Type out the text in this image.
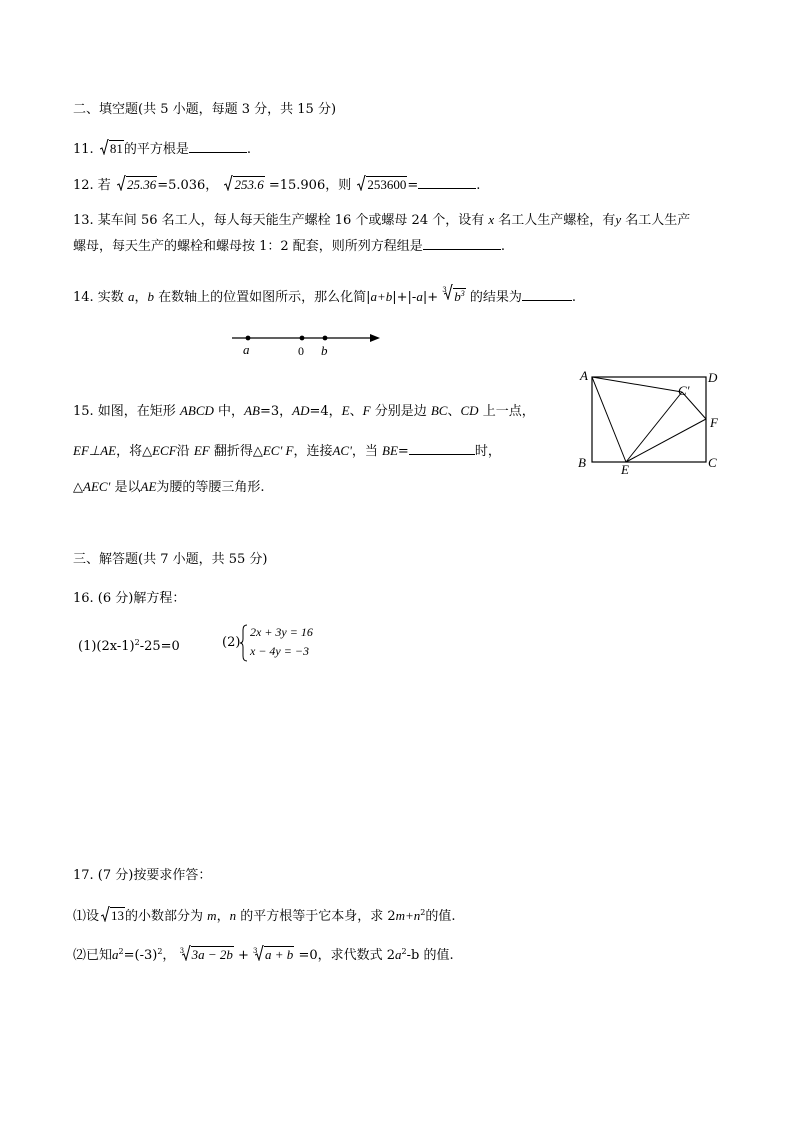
二、填空题(共 5 小题，每题 3 分，共 15 分)
11. 81的平方根是	.
12. 若 25.36=5.036， 253.6 =15.906，则 253600=	.
13. 某车间 56 名工人，每人每天能生产螺栓 16 个或螺母 24 个，设有 x 名工人生产螺栓，有y 名工人生产
螺母，每天生产的螺栓和螺母按 1：2 配套，则所列方程组是	.
14. 实数 a，b 在数轴上的位置如图所示，那么化简|a+b|+|-a|+ 3 $b^3$ 的结果为	.
a	0 b
15. 如图，在矩形 ABCD 中，AB=3，AD=4，E、F 分别是边 BC、CD 上一点，
EF⊥AE，将△ECF沿 EF 翻折得△EC' F，连接AC'，当 BE=	时，
△AEC' 是以AE为腰的等腰三角形.
A
B	C
D
E
F
C′
三、解答题(共 7 小题，共 55 分)
16. (6 分)解方程：
$(1)(2x-1)^2-25=0$	(2)
2x + 3y = 16
x − 4y = −3
17. (7 分)按要求作答：
⑴设 13的小数部分为 m，n 的平方根等于它本身，求 $2m+n^2$的值.
⑵已知$a^2=(-3)^2$， 3 3a − 2b + 3 a + b =0，求代数式 $2a^2-b$ 的值.
